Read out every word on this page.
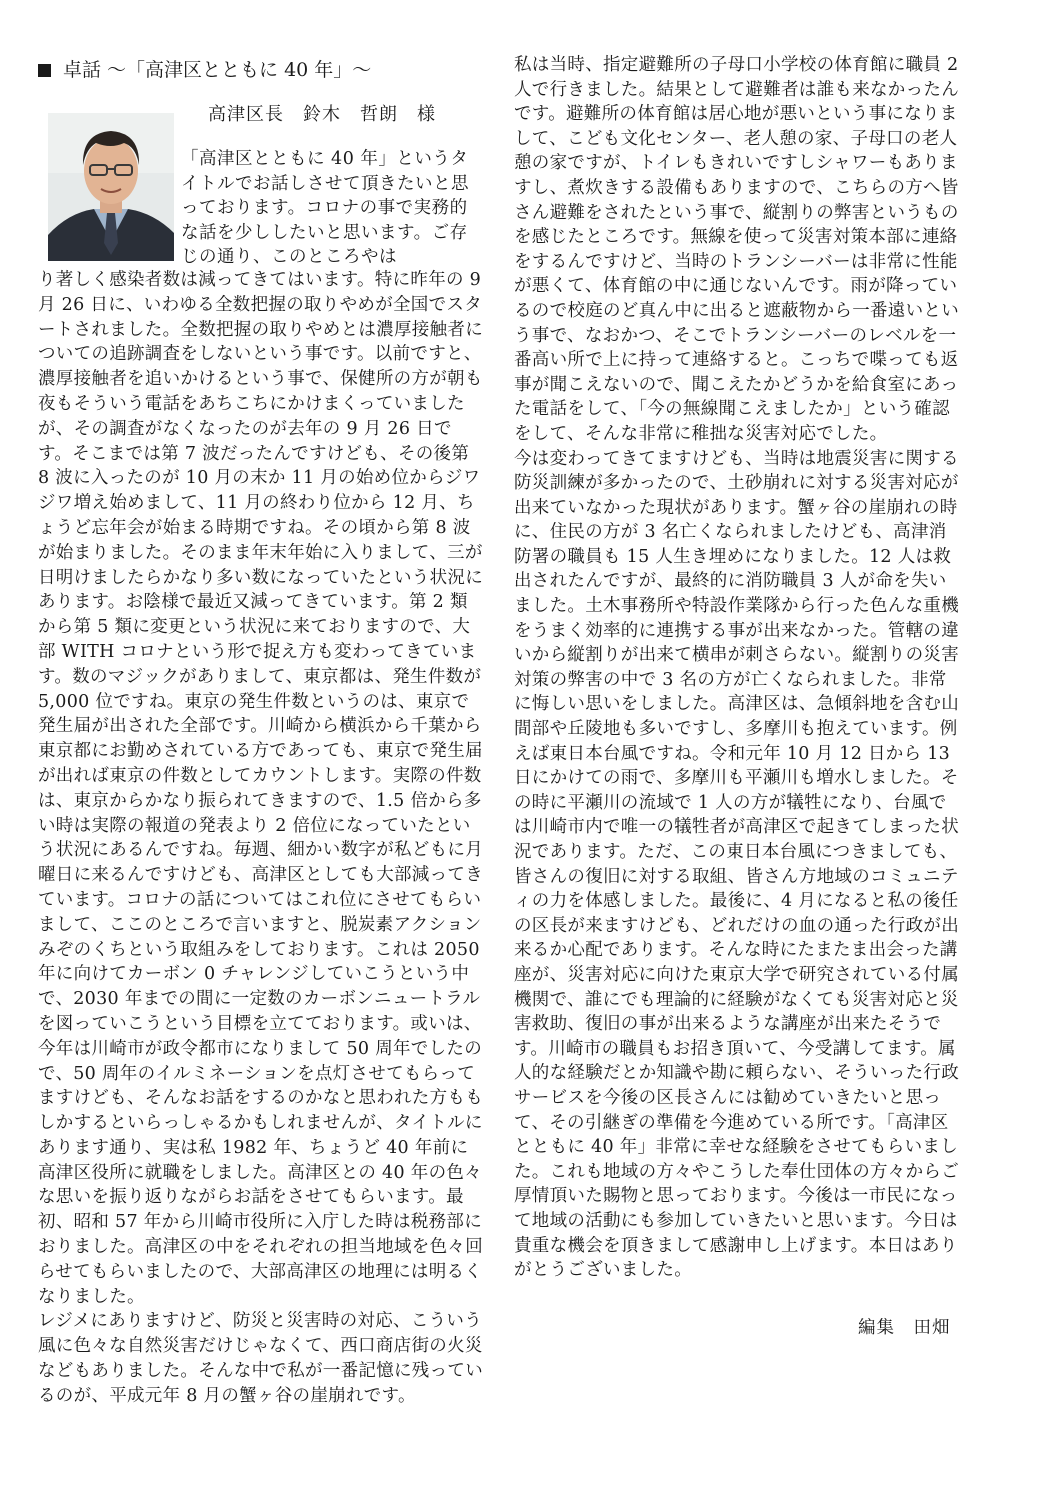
卓話 ～「高津区とともに 40 年」～
高津区長　鈴木　哲朗　様

「高津区とともに 40 年」というタイトルでお話しさせて頂きたいと思っております。コロナの事で実務的な話を少ししたいと思います。ご存じの通り、このところやは

り著しく感染者数は減ってきてはいます。特に昨年の 9 月 26 日に、いわゆる全数把握の取りやめが全国でスタートされました。全数把握の取りやめとは濃厚接触者についての追跡調査をしないという事です。以前ですと、濃厚接触者を追いかけるという事で、保健所の方が朝も夜もそういう電話をあちこちにかけまくっていましたが、その調査がなくなったのが去年の 9 月 26 日です。そこまでは第 7 波だったんですけども、その後第 8 波に入ったのが 10 月の末か 11 月の始め位からジワジワ増え始めまして、11 月の終わり位から 12 月、ちょうど忘年会が始まる時期ですね。その頃から第 8 波が始まりました。そのまま年末年始に入りまして、三が日明けましたらかなり多い数になっていたという状況にあります。お陰様で最近又減ってきています。第 2 類から第 5 類に変更という状況に来ておりますので、大部 WITH コロナという形で捉え方も変わってきています。数のマジックがありまして、東京都は、発生件数が 5,000 位ですね。東京の発生件数というのは、東京で発生届が出された全部です。川崎から横浜から千葉から東京都にお勤めされている方であっても、東京で発生届が出れば東京の件数としてカウントします。実際の件数は、東京からかなり振られてきますので、1.5 倍から多い時は実際の報道の発表より 2 倍位になっていたという状況にあるんですね。毎週、細かい数字が私どもに月曜日に来るんですけども、高津区としても大部減ってきています。コロナの話についてはこれ位にさせてもらいまして、ここのところで言いますと、脱炭素アクションみぞのくちという取組みをしております。これは 2050 年に向けてカーボン 0 チャレンジしていこうという中で、2030 年までの間に一定数のカーボンニュートラルを図っていこうという目標を立てております。或いは、今年は川崎市が政令都市になりまして 50 周年でしたので、50 周年のイルミネーションを点灯させてもらってますけども、そんなお話をするのかなと思われた方ももしかするといらっしゃるかもしれませんが、タイトルにあります通り、実は私 1982 年、ちょうど 40 年前に高津区役所に就職をしました。高津区との 40 年の色々な思いを振り返りながらお話をさせてもらいます。最初、昭和 57 年から川崎市役所に入庁した時は税務部におりました。高津区の中をそれぞれの担当地域を色々回らせてもらいましたので、大部高津区の地理には明るくなりました。

レジメにありますけど、防災と災害時の対応、こういう風に色々な自然災害だけじゃなくて、西口商店街の火災などもありました。そんな中で私が一番記憶に残っているのが、平成元年 8 月の蟹ヶ谷の崖崩れです。

私は当時、指定避難所の子母口小学校の体育館に職員 2 人で行きました。結果として避難者は誰も来なかったんです。避難所の体育館は居心地が悪いという事になりまして、こども文化センター、老人憩の家、子母口の老人憩の家ですが、トイレもきれいですしシャワーもありますし、煮炊きする設備もありますので、こちらの方へ皆さん避難をされたという事で、縦割りの弊害というものを感じたところです。無線を使って災害対策本部に連絡をするんですけど、当時のトランシーバーは非常に性能が悪くて、体育館の中に通じないんです。雨が降っているので校庭のど真ん中に出ると遮蔽物から一番遠いという事で、なおかつ、そこでトランシーバーのレベルを一番高い所で上に持って連絡すると。こっちで喋っても返事が聞こえないので、聞こえたかどうかを給食室にあった電話をして、「今の無線聞こえましたか」という確認をして、そんな非常に稚拙な災害対応でした。

今は変わってきてますけども、当時は地震災害に関する防災訓練が多かったので、土砂崩れに対する災害対応が出来ていなかった現状があります。蟹ヶ谷の崖崩れの時に、住民の方が 3 名亡くなられましたけども、高津消防署の職員も 15 人生き埋めになりました。12 人は救出されたんですが、最終的に消防職員 3 人が命を失いました。土木事務所や特設作業隊から行った色んな重機をうまく効率的に連携する事が出来なかった。管轄の違いから縦割りが出来て横串が刺さらない。縦割りの災害対策の弊害の中で 3 名の方が亡くなられました。非常に悔しい思いをしました。高津区は、急傾斜地を含む山間部や丘陵地も多いですし、多摩川も抱えています。例えば東日本台風ですね。令和元年 10 月 12 日から 13 日にかけての雨で、多摩川も平瀬川も増水しました。その時に平瀬川の流域で 1 人の方が犠牲になり、台風では川崎市内で唯一の犠牲者が高津区で起きてしまった状況であります。ただ、この東日本台風につきましても、皆さんの復旧に対する取組、皆さん方地域のコミュニティの力を体感しました。最後に、4 月になると私の後任の区長が来ますけども、どれだけの血の通った行政が出来るか心配であります。そんな時にたまたま出会った講座が、災害対応に向けた東京大学で研究されている付属機関で、誰にでも理論的に経験がなくても災害対応と災害救助、復旧の事が出来るような講座が出来たそうです。川崎市の職員もお招き頂いて、今受講してます。属人的な経験だとか知識や勘に頼らない、そういった行政サービスを今後の区長さんには勧めていきたいと思って、その引継ぎの準備を今進めている所です。「高津区とともに 40 年」非常に幸せな経験をさせてもらいました。これも地域の方々やこうした奉仕団体の方々からご厚情頂いた賜物と思っております。今後は一市民になって地域の活動にも参加していきたいと思います。今日は貴重な機会を頂きまして感謝申し上げます。本日はありがとうございました。

編集　田畑
